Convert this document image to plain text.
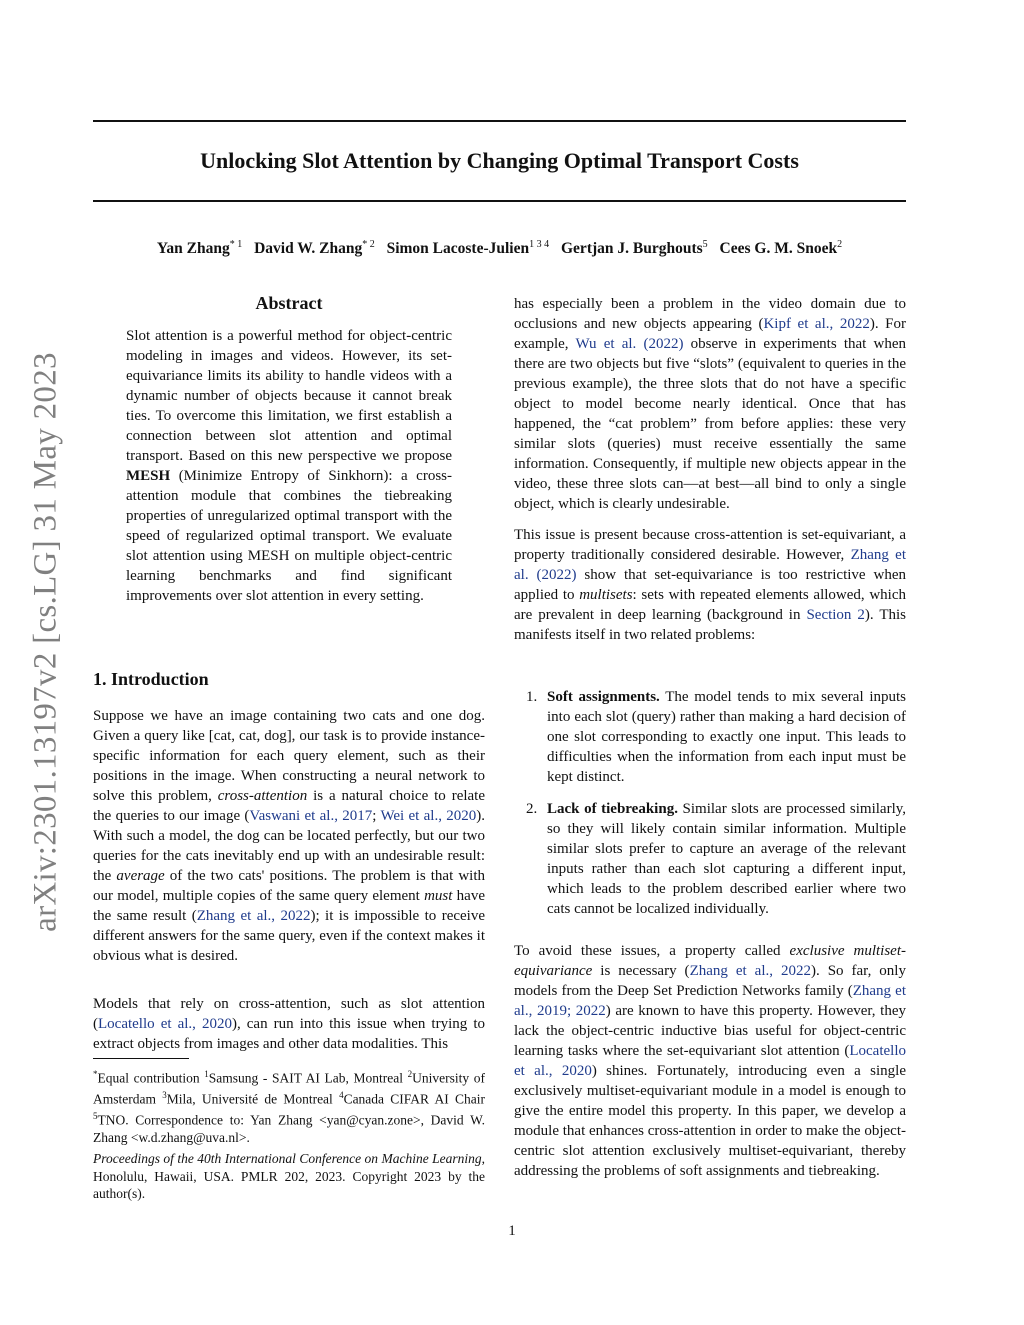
Unlocking Slot Attention by Changing Optimal Transport Costs
Yan Zhang$^{* 1}$ David W. Zhang$^{* 2}$ Simon Lacoste-Julien$^{1 3 4}$ Gertjan J. Burghouts$^5$ Cees G. M. Snoek$^2$
arXiv:2301.13197v2 [cs.LG] 31 May 2023
Abstract
Slot attention is a powerful method for object-centric modeling in images and videos. However, its set-equivariance limits its ability to handle videos with a dynamic number of objects because it cannot break ties. To overcome this limitation, we first establish a connection between slot attention and optimal transport. Based on this new perspective we propose MESH (Minimize Entropy of Sinkhorn): a cross-attention module that combines the tiebreaking properties of unregularized optimal transport with the speed of regularized optimal transport. We evaluate slot attention using MESH on multiple object-centric learning benchmarks and find significant improvements over slot attention in every setting.
1. Introduction

Suppose we have an image containing two cats and one dog. Given a query like [cat, cat, dog], our task is to provide instance-specific information for each query element, such as their positions in the image. When constructing a neural network to solve this problem, cross-attention is a natural choice to relate the queries to our image (Vaswani et al., 2017; Wei et al., 2020). With such a model, the dog can be located perfectly, but our two queries for the cats inevitably end up with an undesirable result: the average of the two cats' positions. The problem is that with our model, multiple copies of the same query element must have the same result (Zhang et al., 2022); it is impossible to receive different answers for the same query, even if the context makes it obvious what is desired.

Models that rely on cross-attention, such as slot attention (Locatello et al., 2020), can run into this issue when trying to extract objects from images and other data modalities. This

*Equal contribution $^1$Samsung - SAIT AI Lab, Montreal $^2$University of Amsterdam $^3$Mila, Université de Montreal $^4$Canada CIFAR AI Chair $^5$TNO. Correspondence to: Yan Zhang <yan@cyan.zone>, David W. Zhang <w.d.zhang@uva.nl>.

Proceedings of the 40th International Conference on Machine Learning, Honolulu, Hawaii, USA. PMLR 202, 2023. Copyright 2023 by the author(s).

has especially been a problem in the video domain due to occlusions and new objects appearing (Kipf et al., 2022). For example, Wu et al. (2022) observe in experiments that when there are two objects but five “slots” (equivalent to queries in the previous example), the three slots that do not have a specific object to model become nearly identical. Once that has happened, the “cat problem” from before applies: these very similar slots (queries) must receive essentially the same information. Consequently, if multiple new objects appear in the video, these three slots can—at best—all bind to only a single object, which is clearly undesirable.

This issue is present because cross-attention is set-equivariant, a property traditionally considered desirable. However, Zhang et al. (2022) show that set-equivariance is too restrictive when applied to multisets: sets with repeated elements allowed, which are prevalent in deep learning (background in Section 2). This manifests itself in two related problems:

1. Soft assignments. The model tends to mix several inputs into each slot (query) rather than making a hard decision of one slot corresponding to exactly one input. This leads to difficulties when the information from each input must be kept distinct.
2. Lack of tiebreaking. Similar slots are processed similarly, so they will likely contain similar information. Multiple similar slots prefer to capture an average of the relevant inputs rather than each slot capturing a different input, which leads to the problem described earlier where two cats cannot be localized individually.

To avoid these issues, a property called exclusive multiset-equivariance is necessary (Zhang et al., 2022). So far, only models from the Deep Set Prediction Networks family (Zhang et al., 2019; 2022) are known to have this property. However, they lack the object-centric inductive bias useful for object-centric learning tasks where the set-equivariant slot attention (Locatello et al., 2020) shines. Fortunately, introducing even a single exclusively multiset-equivariant module in a model is enough to give the entire model this property. In this paper, we develop a module that enhances cross-attention in order to make the object-centric slot attention exclusively multiset-equivariant, thereby addressing the problems of soft assignments and tiebreaking.

1
